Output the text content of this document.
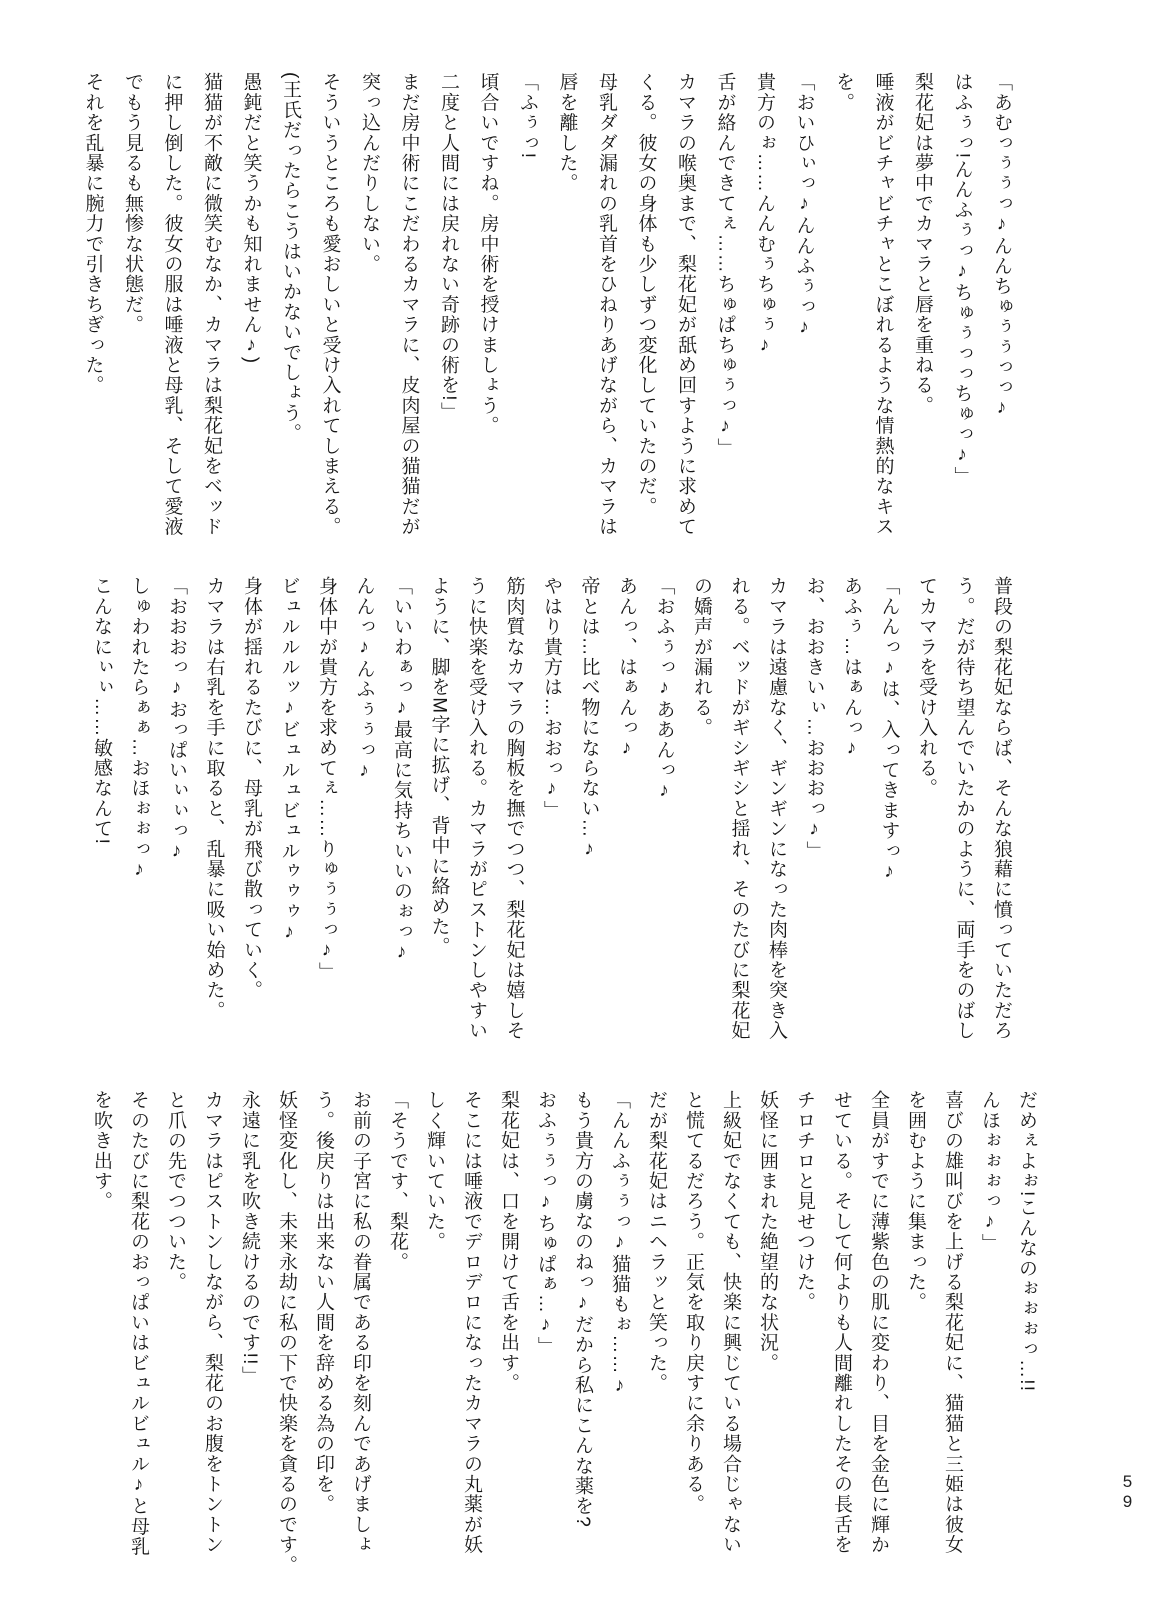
「あむっぅぅっ♪んんちゅぅぅっっ♪

はふぅっ!んんふぅっ♪ちゅぅっっちゅっ♪」

梨花妃は夢中でカマラと唇を重ねる。

唾液がビチャビチャとこぼれるような情熱的なキス

を。

「おいひぃっ♪んんふぅっ♪

貴方のぉ……んんむぅちゅぅ♪

舌が絡んできてぇ……ちゅぱちゅぅっ♪」

カマラの喉奥まで、梨花妃が舐め回すように求めて

くる。彼女の身体も少しずつ変化していたのだ。

母乳ダダ漏れの乳首をひねりあげながら、カマラは

唇を離した。

「ふぅっ!

頃合いですね。房中術を授けましょう。

二度と人間には戻れない奇跡の術を!」

まだ房中術にこだわるカマラに、皮肉屋の猫猫だが

突っ込んだりしない。

そういうところも愛おしいと受け入れてしまえる。

(王氏だったらこうはいかないでしょう。

愚鈍だと笑うかも知れません♪)

猫猫が不敵に微笑むなか、カマラは梨花妃をベッド

に押し倒した。彼女の服は唾液と母乳、そして愛液

でもう見るも無惨な状態だ。

それを乱暴に腕力で引きちぎった。

普段の梨花妃ならば、そんな狼藉に憤っていただろ

う。だが待ち望んでいたかのように、両手をのばし

てカマラを受け入れる。

「んんっ♪は、入ってきますっ♪

あふぅ…はぁんっ♪

お、おおきいぃ…おおおっ♪」

カマラは遠慮なく、ギンギンになった肉棒を突き入

れる。ベッドがギシギシと揺れ、そのたびに梨花妃

の嬌声が漏れる。

「おふぅっ♪ああんっ♪

あんっ、はぁんっ♪

帝とは…比べ物にならない…♪

やはり貴方は…おおっ♪」

筋肉質なカマラの胸板を撫でつつ、梨花妃は嬉しそ

うに快楽を受け入れる。カマラがピストンしやすい

ように、脚をM字に拡げ、背中に絡めた。

「いいわぁっ♪最高に気持ちいいのぉっ♪

んんっ♪んふぅぅっ♪

身体中が貴方を求めてぇ……りゅぅぅっ♪」

ビュルルルッ♪ビュルュビュルゥゥゥ♪

身体が揺れるたびに、母乳が飛び散っていく。

カマラは右乳を手に取ると、乱暴に吸い始めた。

「おおおっ♪おっぱいぃぃっ♪

しゅわれたらぁぁ…おほぉぉっ♪

こんなにぃぃ……敏感なんて!

だめぇよぉ!こんなのぉぉぉっ…!!

んほぉぉぉっ♪」

喜びの雄叫びを上げる梨花妃に、猫猫と三姫は彼女

を囲むように集まった。

全員がすでに薄紫色の肌に変わり、目を金色に輝か

せている。そして何よりも人間離れしたその長舌を

チロチロと見せつけた。

妖怪に囲まれた絶望的な状況。

上級妃でなくても、快楽に興じている場合じゃない

と慌てるだろう。正気を取り戻すに余りある。

だが梨花妃はニヘラッと笑った。

「んんふぅぅっ♪猫猫もぉ……♪

もう貴方の虜なのねっ♪だから私にこんな薬を?

おふぅぅっ♪ちゅぱぁ…♪」

梨花妃は、口を開けて舌を出す。

そこには唾液でデロデロになったカマラの丸薬が妖

しく輝いていた。

「そうです、梨花。

お前の子宮に私の眷属である印を刻んであげましょ

う。後戻りは出来ない人間を辞める為の印を。

妖怪変化し、未来永劫に私の下で快楽を貪るのです。

永遠に乳を吹き続けるのです!!」

カマラはピストンしながら、梨花のお腹をトントン

と爪の先でつついた。

そのたびに梨花のおっぱいはビュルビュル♪と母乳

を吹き出す。

59
